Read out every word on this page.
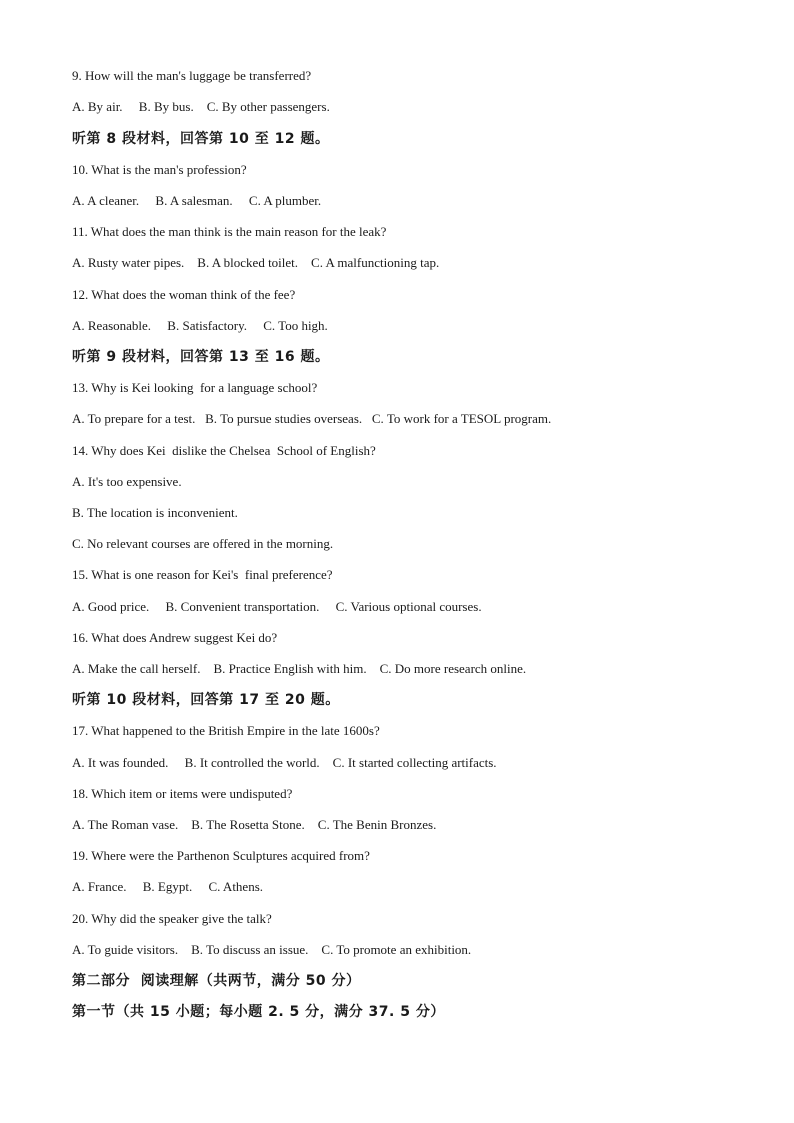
9. How will the man's luggage be transferred?
A. By air.     B. By bus.    C. By other passengers.
听第 8 段材料，回答第 10 至 12 题。
10. What is the man's profession?
A. A cleaner.     B. A salesman.     C. A plumber.
11. What does the man think is the main reason for the leak?
A. Rusty water pipes.    B. A blocked toilet.    C. A malfunctioning tap.
12. What does the woman think of the fee?
A. Reasonable.     B. Satisfactory.     C. Too high.
听第 9 段材料，回答第 13 至 16 题。
13. Why is Kei looking  for a language school?
A. To prepare for a test.   B. To pursue studies overseas.   C. To work for a TESOL program.
14. Why does Kei  dislike the Chelsea  School of English?
A. It's too expensive.
B. The location is inconvenient.
C. No relevant courses are offered in the morning.
15. What is one reason for Kei's  final preference?
A. Good price.     B. Convenient transportation.     C. Various optional courses.
16. What does Andrew suggest Kei do?
A. Make the call herself.    B. Practice English with him.    C. Do more research online.
听第 10 段材料，回答第 17 至 20 题。
17. What happened to the British Empire in the late 1600s?
A. It was founded.     B. It controlled the world.    C. It started collecting artifacts.
18. Which item or items were undisputed?
A. The Roman vase.    B. The Rosetta Stone.    C. The Benin Bronzes.
19. Where were the Parthenon Sculptures acquired from?
A. France.     B. Egypt.     C. Athens.
20. Why did the speaker give the talk?
A. To guide visitors.    B. To discuss an issue.    C. To promote an exhibition.
第二部分  阅读理解（共两节，满分 50 分）
第一节（共 15 小题；每小题 2. 5 分，满分 37. 5 分）
